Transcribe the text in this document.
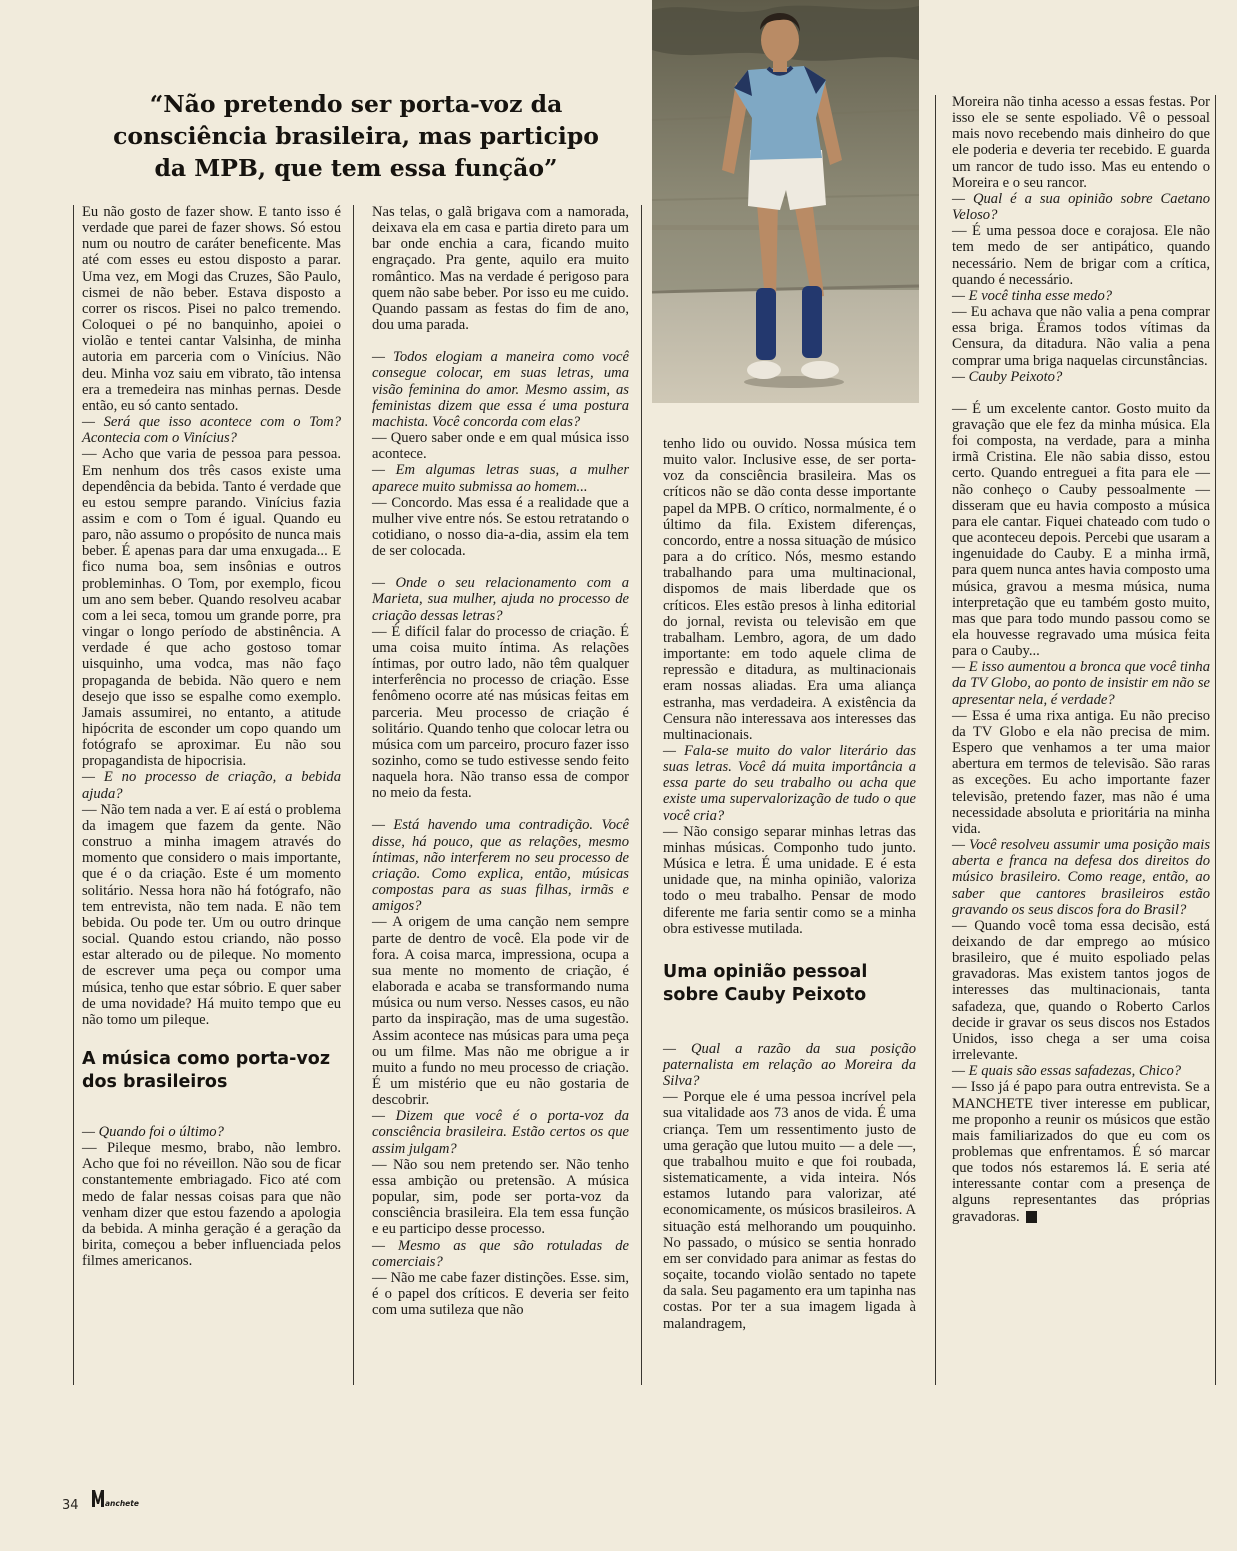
“Não pretendo ser porta-voz da
consciência brasileira, mas participo
da MPB, que tem essa função”

Eu não gosto de fazer show. E tanto isso é verdade que parei de fazer shows. Só estou num ou noutro de caráter beneficente. Mas até com esses eu estou disposto a parar. Uma vez, em Mogi das Cruzes, São Paulo, cismei de não beber. Estava disposto a correr os riscos. Pisei no palco tremendo. Coloquei o pé no banquinho, apoiei o violão e tentei cantar Valsinha, de minha autoria em parceria com o Vinícius. Não deu. Minha voz saiu em vibrato, tão intensa era a tremedeira nas minhas pernas. Desde então, eu só canto sentado.

— Será que isso acontece com o Tom? Acontecia com o Vinícius?

— Acho que varia de pessoa para pessoa. Em nenhum dos três casos existe uma dependência da bebida. Tanto é verdade que eu estou sempre parando. Vinícius fazia assim e com o Tom é igual. Quando eu paro, não assumo o propósito de nunca mais beber. É apenas para dar uma enxugada... E fico numa boa, sem insônias e outros probleminhas. O Tom, por exemplo, ficou um ano sem beber. Quando resolveu acabar com a lei seca, tomou um grande porre, pra vingar o longo período de abstinência. A verdade é que acho gostoso tomar uisquinho, uma vodca, mas não faço propaganda de bebida. Não quero e nem desejo que isso se espalhe como exemplo. Jamais assumirei, no entanto, a atitude hipócrita de esconder um copo quando um fotógrafo se aproximar. Eu não sou propagandista de hipocrisia.

— E no processo de criação, a bebida ajuda?

— Não tem nada a ver. E aí está o problema da imagem que fazem da gente. Não construo a minha imagem através do momento que considero o mais importante, que é o da criação. Este é um momento solitário. Nessa hora não há fotógrafo, não tem entrevista, não tem nada. E não tem bebida. Ou pode ter. Um ou outro drinque social. Quando estou criando, não posso estar alterado ou de pileque. No momento de escrever uma peça ou compor uma música, tenho que estar sóbrio. E quer saber de uma novidade? Há muito tempo que eu não tomo um pileque.

A música como porta-voz
dos brasileiros

— Quando foi o último?

— Pileque mesmo, brabo, não lembro. Acho que foi no réveillon. Não sou de ficar constantemente embriagado. Fico até com medo de falar nessas coisas para que não venham dizer que estou fazendo a apologia da bebida. A minha geração é a geração da birita, começou a beber influenciada pelos filmes americanos.

Nas telas, o galã brigava com a namorada, deixava ela em casa e partia direto para um bar onde enchia a cara, ficando muito engraçado. Pra gente, aquilo era muito romântico. Mas na verdade é perigoso para quem não sabe beber. Por isso eu me cuido. Quando passam as festas do fim de ano, dou uma parada.

— Todos elogiam a maneira como você consegue colocar, em suas letras, uma visão feminina do amor. Mesmo assim, as feministas dizem que essa é uma postura machista. Você concorda com elas?

— Quero saber onde e em qual música isso acontece.

— Em algumas letras suas, a mulher aparece muito submissa ao homem...

— Concordo. Mas essa é a realidade que a mulher vive entre nós. Se estou retratando o cotidiano, o nosso dia-a-dia, assim ela tem de ser colocada.

— Onde o seu relacionamento com a Marieta, sua mulher, ajuda no processo de criação dessas letras?

— É difícil falar do processo de criação. É uma coisa muito íntima. As relações íntimas, por outro lado, não têm qualquer interferência no processo de criação. Esse fenômeno ocorre até nas músicas feitas em parceria. Meu processo de criação é solitário. Quando tenho que colocar letra ou música com um parceiro, procuro fazer isso sozinho, como se tudo estivesse sendo feito naquela hora. Não transo essa de compor no meio da festa.

— Está havendo uma contradição. Você disse, há pouco, que as relações, mesmo íntimas, não interferem no seu processo de criação. Como explica, então, músicas compostas para as suas filhas, irmãs e amigos?

— A origem de uma canção nem sempre parte de dentro de você. Ela pode vir de fora. A coisa marca, impressiona, ocupa a sua mente no momento de criação, é elaborada e acaba se transformando numa música ou num verso. Nesses casos, eu não parto da inspiração, mas de uma sugestão. Assim acontece nas músicas para uma peça ou um filme. Mas não me obrigue a ir muito a fundo no meu processo de criação. É um mistério que eu não gostaria de descobrir.

— Dizem que você é o porta-voz da consciência brasileira. Estão certos os que assim julgam?

— Não sou nem pretendo ser. Não tenho essa ambição ou pretensão. A música popular, sim, pode ser porta-voz da consciência brasileira. Ela tem essa função e eu participo desse processo.

— Mesmo as que são rotuladas de comerciais?

— Não me cabe fazer distinções. Esse. sim, é o papel dos críticos. E deveria ser feito com uma sutileza que não

tenho lido ou ouvido. Nossa música tem muito valor. Inclusive esse, de ser porta-voz da consciência brasileira. Mas os críticos não se dão conta desse importante papel da MPB. O crítico, normalmente, é o último da fila. Existem diferenças, concordo, entre a nossa situação de músico para a do crítico. Nós, mesmo estando trabalhando para uma multinacional, dispomos de mais liberdade que os críticos. Eles estão presos à linha editorial do jornal, revista ou televisão em que trabalham. Lembro, agora, de um dado importante: em todo aquele clima de repressão e ditadura, as multinacionais eram nossas aliadas. Era uma aliança estranha, mas verdadeira. A existência da Censura não interessava aos interesses das multinacionais.

— Fala-se muito do valor literário das suas letras. Você dá muita importância a essa parte do seu trabalho ou acha que existe uma supervalorização de tudo o que você cria?

— Não consigo separar minhas letras das minhas músicas. Componho tudo junto. Música e letra. É uma unidade. E é esta unidade que, na minha opinião, valoriza todo o meu trabalho. Pensar de modo diferente me faria sentir como se a minha obra estivesse mutilada.

Uma opinião pessoal
sobre Cauby Peixoto

— Qual a razão da sua posição paternalista em relação ao Moreira da Silva?

— Porque ele é uma pessoa incrível pela sua vitalidade aos 73 anos de vida. É uma criança. Tem um ressentimento justo de uma geração que lutou muito — a dele —, que trabalhou muito e que foi roubada, sistematicamente, a vida inteira. Nós estamos lutando para valorizar, até economicamente, os músicos brasileiros. A situação está melhorando um pouquinho. No passado, o músico se sentia honrado em ser convidado para animar as festas do soçaite, tocando violão sentado no tapete da sala. Seu pagamento era um tapinha nas costas. Por ter a sua imagem ligada à malandragem,

Moreira não tinha acesso a essas festas. Por isso ele se sente espoliado. Vê o pessoal mais novo recebendo mais dinheiro do que ele poderia e deveria ter recebido. E guarda um rancor de tudo isso. Mas eu entendo o Moreira e o seu rancor.

— Qual é a sua opinião sobre Caetano Veloso?

— É uma pessoa doce e corajosa. Ele não tem medo de ser antipático, quando necessário. Nem de brigar com a crítica, quando é necessário.

— E você tinha esse medo?

— Eu achava que não valia a pena comprar essa briga. Éramos todos vítimas da Censura, da ditadura. Não valia a pena comprar uma briga naquelas circunstâncias.

— Cauby Peixoto?

— É um excelente cantor. Gosto muito da gravação que ele fez da minha música. Ela foi composta, na verdade, para a minha irmã Cristina. Ele não sabia disso, estou certo. Quando entreguei a fita para ele — não conheço o Cauby pessoalmente — disseram que eu havia composto a música para ele cantar. Fiquei chateado com tudo o que aconteceu depois. Percebi que usaram a ingenuidade do Cauby. E a minha irmã, para quem nunca antes havia composto uma música, gravou a mesma música, numa interpretação que eu também gosto muito, mas que para todo mundo passou como se ela houvesse regravado uma música feita para o Cauby...

— E isso aumentou a bronca que você tinha da TV Globo, ao ponto de insistir em não se apresentar nela, é verdade?

— Essa é uma rixa antiga. Eu não preciso da TV Globo e ela não precisa de mim. Espero que venhamos a ter uma maior abertura em termos de televisão. São raras as exceções. Eu acho importante fazer televisão, pretendo fazer, mas não é uma necessidade absoluta e prioritária na minha vida.

— Você resolveu assumir uma posição mais aberta e franca na defesa dos direitos do músico brasileiro. Como reage, então, ao saber que cantores brasileiros estão gravando os seus discos fora do Brasil?

— Quando você toma essa decisão, está deixando de dar emprego ao músico brasileiro, que é muito espoliado pelas gravadoras. Mas existem tantos jogos de interesses das multinacionais, tanta safadeza, que, quando o Roberto Carlos decide ir gravar os seus discos nos Estados Unidos, isso chega a ser uma coisa irrelevante.

— E quais são essas safadezas, Chico?

— Isso já é papo para outra entrevista. Se a MANCHETE tiver interesse em publicar, me proponho a reunir os músicos que estão mais familiarizados do que eu com os problemas que enfrentamos. É só marcar que todos nós estaremos lá. E seria até interessante contar com a presença de alguns representantes das próprias gravadoras.

34	anchete
